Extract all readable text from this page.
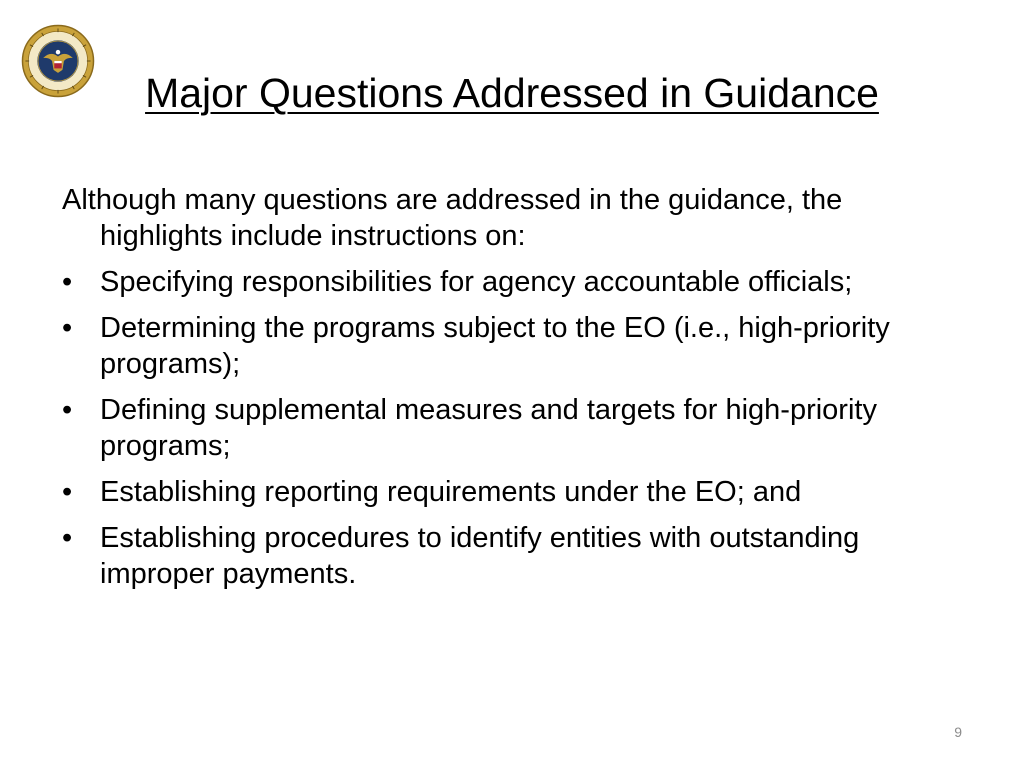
Major Questions Addressed in Guidance

Although many questions are addressed in the guidance, the highlights include instructions on:

• Specifying responsibilities for agency accountable officials;
• Determining the programs subject to the EO (i.e., high-priority programs);
• Defining supplemental measures and targets for high-priority programs;
• Establishing reporting requirements under the EO; and
• Establishing procedures to identify entities with outstanding improper payments.
9
